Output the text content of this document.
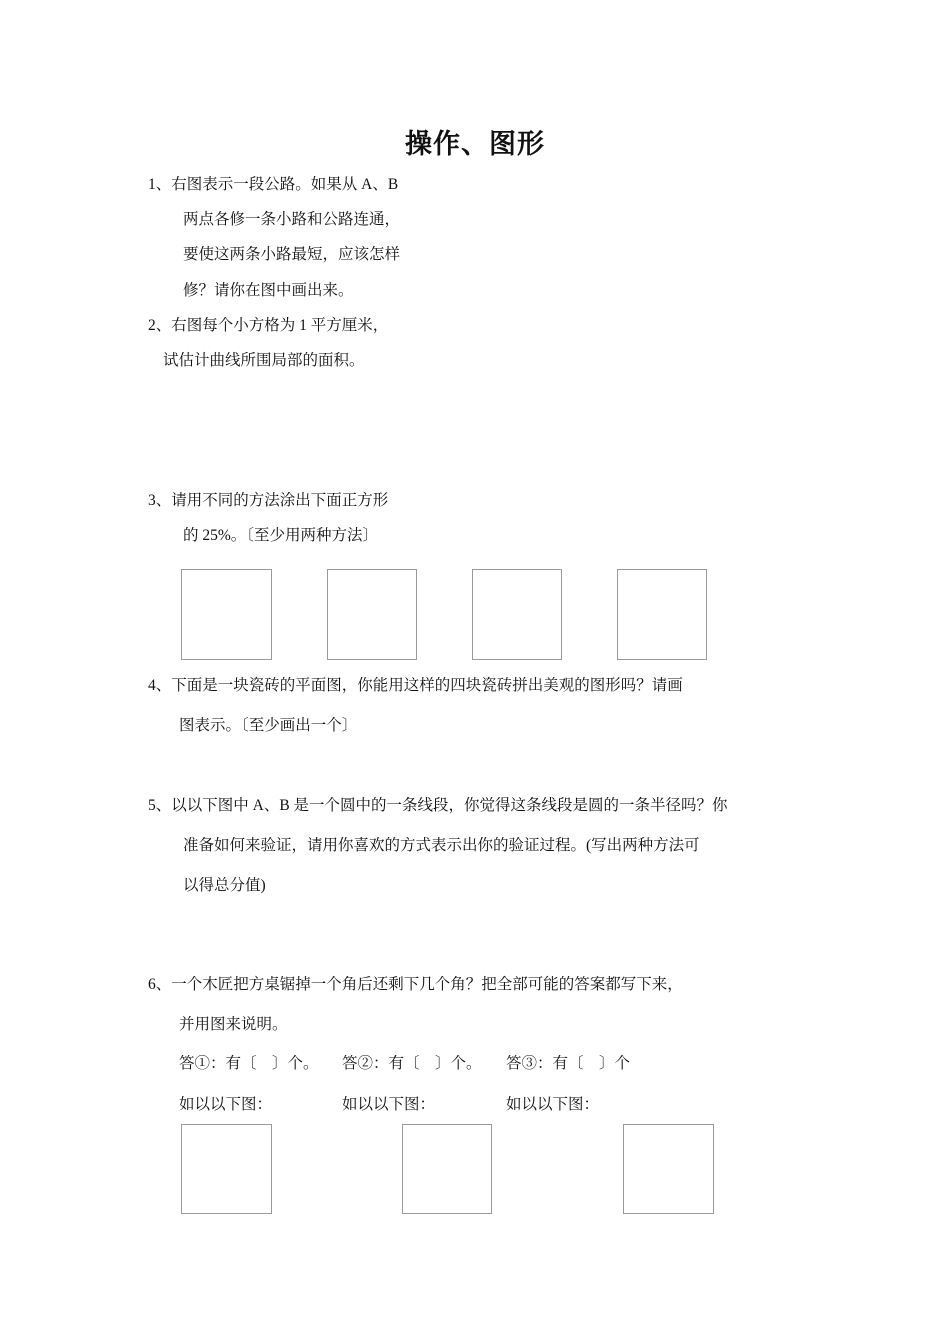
操作、图形
1、右图表示一段公路。如果从 A、B
两点各修一条小路和公路连通，
要使这两条小路最短，应该怎样
修？请你在图中画出来。
2、右图每个小方格为 1 平方厘米，
试估计曲线所围局部的面积。
3、请用不同的方法涂出下面正方形
的 25%。〔至少用两种方法〕
4、下面是一块瓷砖的平面图，你能用这样的四块瓷砖拼出美观的图形吗？请画
图表示。〔至少画出一个〕
5、以以下图中 A、B 是一个圆中的一条线段，你觉得这条线段是圆的一条半径吗？你
准备如何来验证，请用你喜欢的方式表示出你的验证过程。(写出两种方法可
以得总分值)
6、一个木匠把方桌锯掉一个角后还剩下几个角？把全部可能的答案都写下来，
并用图来说明。
答①：有〔　〕个。 答②：有〔　〕个。 答③：有〔　〕个
如以以下图：	如以以下图：	如以以下图：
